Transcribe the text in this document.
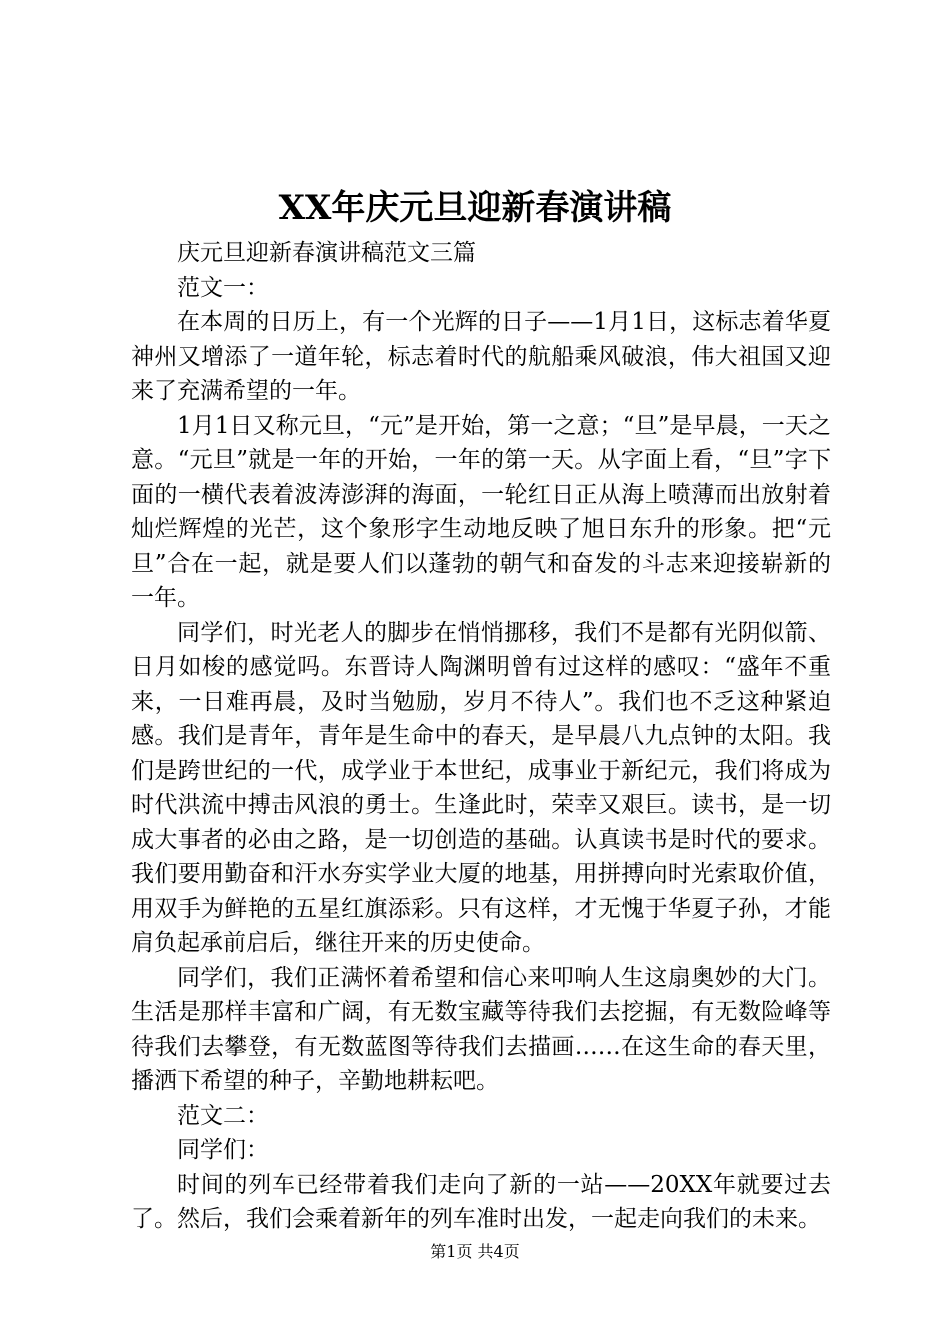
XX年庆元旦迎新春演讲稿

庆元旦迎新春演讲稿范文三篇

范文一：

在本周的日历上，有一个光辉的日子——1月1日，这标志着华夏神州又增添了一道年轮，标志着时代的航船乘风破浪，伟大祖国又迎来了充满希望的一年。

1月1日又称元旦，“元”是开始，第一之意；“旦”是早晨，一天之意。“元旦”就是一年的开始，一年的第一天。从字面上看，“旦”字下面的一横代表着波涛澎湃的海面，一轮红日正从海上喷薄而出放射着灿烂辉煌的光芒，这个象形字生动地反映了旭日东升的形象。把“元旦”合在一起，就是要人们以蓬勃的朝气和奋发的斗志来迎接崭新的一年。

同学们，时光老人的脚步在悄悄挪移，我们不是都有光阴似箭、日月如梭的感觉吗。东晋诗人陶渊明曾有过这样的感叹：“盛年不重来，一日难再晨，及时当勉励，岁月不待人”。我们也不乏这种紧迫感。我们是青年，青年是生命中的春天，是早晨八九点钟的太阳。我们是跨世纪的一代，成学业于本世纪，成事业于新纪元，我们将成为时代洪流中搏击风浪的勇士。生逢此时，荣幸又艰巨。读书，是一切成大事者的必由之路，是一切创造的基础。认真读书是时代的要求。我们要用勤奋和汗水夯实学业大厦的地基，用拼搏向时光索取价值，用双手为鲜艳的五星红旗添彩。只有这样，才无愧于华夏子孙，才能肩负起承前启后，继往开来的历史使命。

同学们，我们正满怀着希望和信心来叩响人生这扇奥妙的大门。生活是那样丰富和广阔，有无数宝藏等待我们去挖掘，有无数险峰等待我们去攀登，有无数蓝图等待我们去描画……在这生命的春天里，播洒下希望的种子，辛勤地耕耘吧。

范文二：

同学们：

时间的列车已经带着我们走向了新的一站——20XX年就要过去了。然后，我们会乘着新年的列车准时出发，一起走向我们的未来。

第1页 共4页
